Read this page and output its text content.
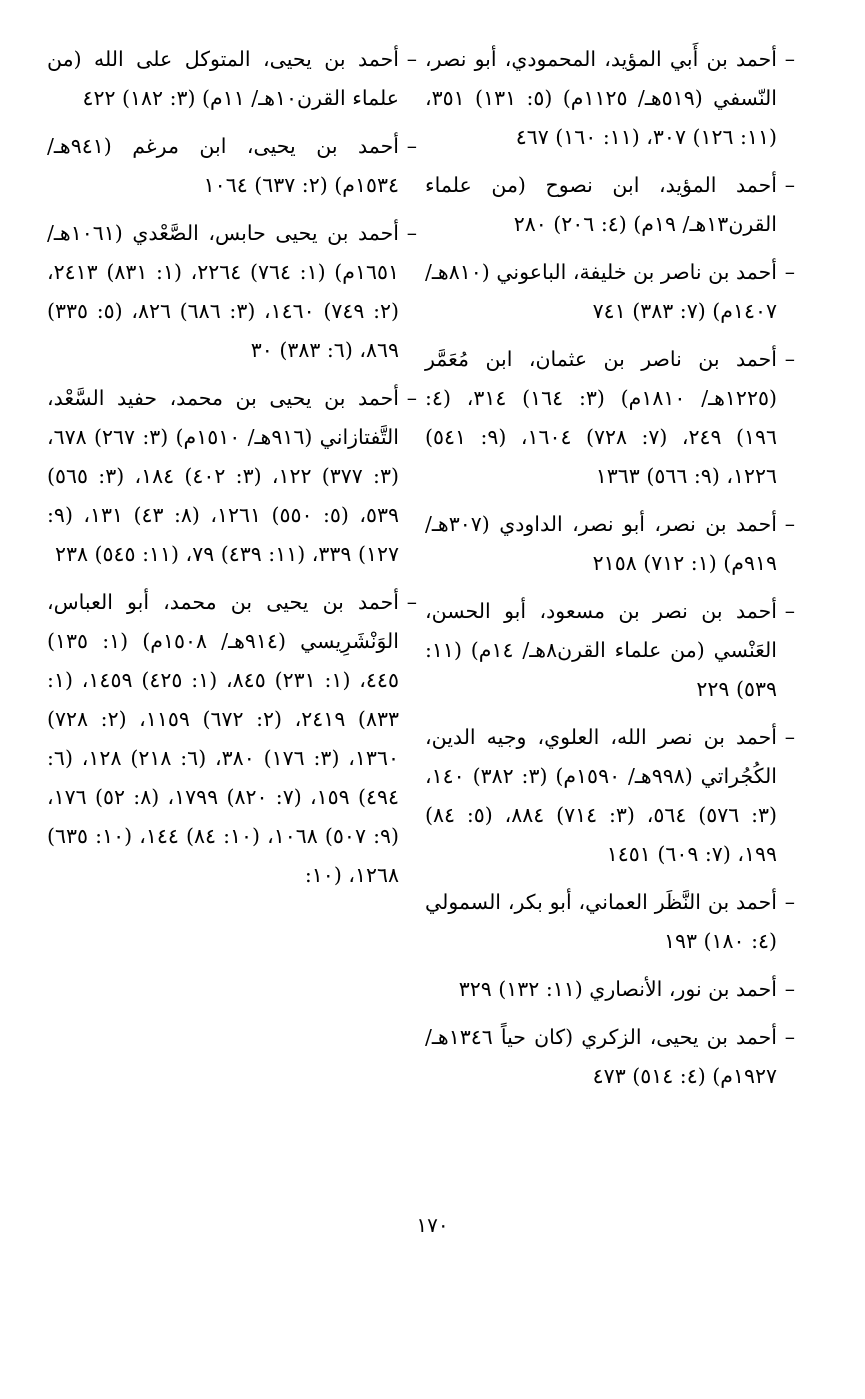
–أحمد بن أَبي المؤيد، المحمودي، أبو نصر، النّسفي (٥١٩هـ/ ١١٢٥م) (٥: ١٣١) ٣٥١، (١١: ١٢٦) ٣٠٧، (١١: ١٦٠) ٤٦٧

–أحمد المؤيد، ابن نصوح (من علماء القرن١٣هـ/ ١٩م) (٤: ٢٠٦) ٢٨٠

–أحمد بن ناصر بن خليفة، الباعوني (٨١٠هـ/ ١٤٠٧م) (٧: ٣٨٣) ٧٤١

–أحمد بن ناصر بن عثمان، ابن مُعَمَّر (١٢٢٥هـ/ ١٨١٠م) (٣: ١٦٤) ٣١٤، (٤: ١٩٦) ٢٤٩، (٧: ٧٢٨) ١٦٠٤، (٩: ٥٤١) ١٢٢٦، (٩: ٥٦٦) ١٣٦٣

–أحمد بن نصر، أبو نصر، الداودي (٣٠٧هـ/ ٩١٩م) (١: ٧١٢) ٢١٥٨

–أحمد بن نصر بن مسعود، أبو الحسن، العَنْسي (من علماء القرن٨هـ/ ١٤م) (١١: ٥٣٩) ٢٢٩

–أحمد بن نصر الله، العلوي، وجيه الدين، الكُجُراتي (٩٩٨هـ/ ١٥٩٠م) (٣: ٣٨٢) ١٤٠، (٣: ٥٧٦) ٥٦٤، (٣: ٧١٤) ٨٨٤، (٥: ٨٤) ١٩٩، (٧: ٦٠٩) ١٤٥١

–أحمد بن النَّظَر العماني، أبو بكر، السمولي (٤: ١٨٠) ١٩٣

–أحمد بن نور، الأنصاري (١١: ١٣٢) ٣٢٩

–أحمد بن يحيى، الزكري (كان حياً ١٣٤٦هـ/ ١٩٢٧م) (٤: ٥١٤) ٤٧٣

–أحمد بن يحيى، المتوكل على الله (من علماء القرن١٠هـ/ ١١م) (٣: ١٨٢) ٤٢٢

–أحمد بن يحيى، ابن مرغم (٩٤١هـ/ ١٥٣٤م) (٢: ٦٣٧) ١٠٦٤

–أحمد بن يحيى حابس، الصَّعْدي (١٠٦١هـ/ ١٦٥١م) (١: ٧٦٤) ٢٢٦٤، (١: ٨٣١) ٢٤١٣، (٢: ٧٤٩) ١٤٦٠، (٣: ٦٨٦) ٨٢٦، (٥: ٣٣٥) ٨٦٩، (٦: ٣٨٣) ٣٠

–أحمد بن يحيى بن محمد، حفيد السَّعْد، التَّفتازاني (٩١٦هـ/ ١٥١٠م) (٣: ٢٦٧) ٦٧٨، (٣: ٣٧٧) ١٢٢، (٣: ٤٠٢) ١٨٤، (٣: ٥٦٥) ٥٣٩، (٥: ٥٥٠) ١٢٦١، (٨: ٤٣) ١٣١، (٩: ١٢٧) ٣٣٩، (١١: ٤٣٩) ٧٩، (١١: ٥٤٥) ٢٣٨

–أحمد بن يحيى بن محمد، أبو العباس، الوَنْشَرِيسي (٩١٤هـ/ ١٥٠٨م) (١: ١٣٥) ٤٤٥، (١: ٢٣١) ٨٤٥، (١: ٤٢٥) ١٤٥٩، (١: ٨٣٣) ٢٤١٩، (٢: ٦٧٢) ١١٥٩، (٢: ٧٢٨) ١٣٦٠، (٣: ١٧٦) ٣٨٠، (٦: ٢١٨) ١٢٨، (٦: ٤٩٤) ١٥٩، (٧: ٨٢٠) ١٧٩٩، (٨: ٥٢) ١٧٦، (٩: ٥٠٧) ١٠٦٨، (١٠: ٨٤) ١٤٤، (١٠: ٦٣٥) ١٢٦٨، (١٠:

١٧٠
